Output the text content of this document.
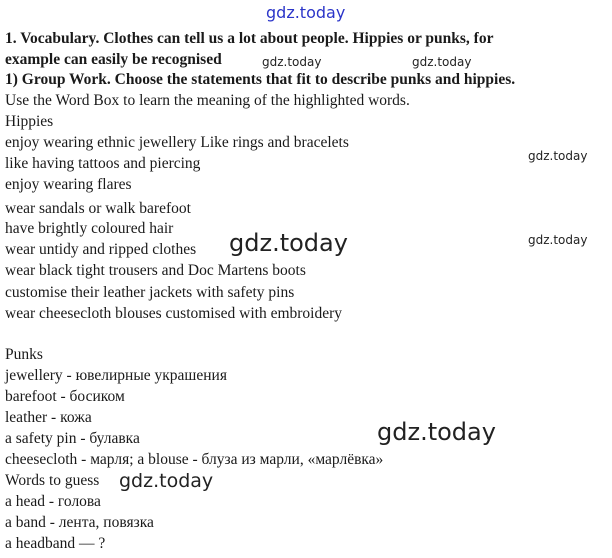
gdz.today
1. Vocabulary. Clothes can tell us a lot about people. Hippies or punks, for
example can easily be recognised	gdz.today	gdz.today
1) Group Work. Choose the statements that fit to describe punks and hippies.
Use the Word Box to learn the meaning of the highlighted words.
Hippies
enjoy wearing ethnic jewellery Like rings and bracelets
like having tattoos and piercing	gdz.today
enjoy wearing flares
wear sandals or walk barefoot
have brightly coloured hair
wear untidy and ripped clothes gdz.today	gdz.today
wear black tight trousers and Doc Martens boots
customise their leather jackets with safety pins
wear cheesecloth blouses customised with embroidery
Punks
jewellery - ювелирные украшения
barefoot - босиком
leather - кожа
gdz.today
a safety pin - булавка
cheesecloth - марля; a blouse - блуза из марли, «марлёвка»
Words to guess gdz.today
a head - голова
a band - лента, повязка
a headband — ?
